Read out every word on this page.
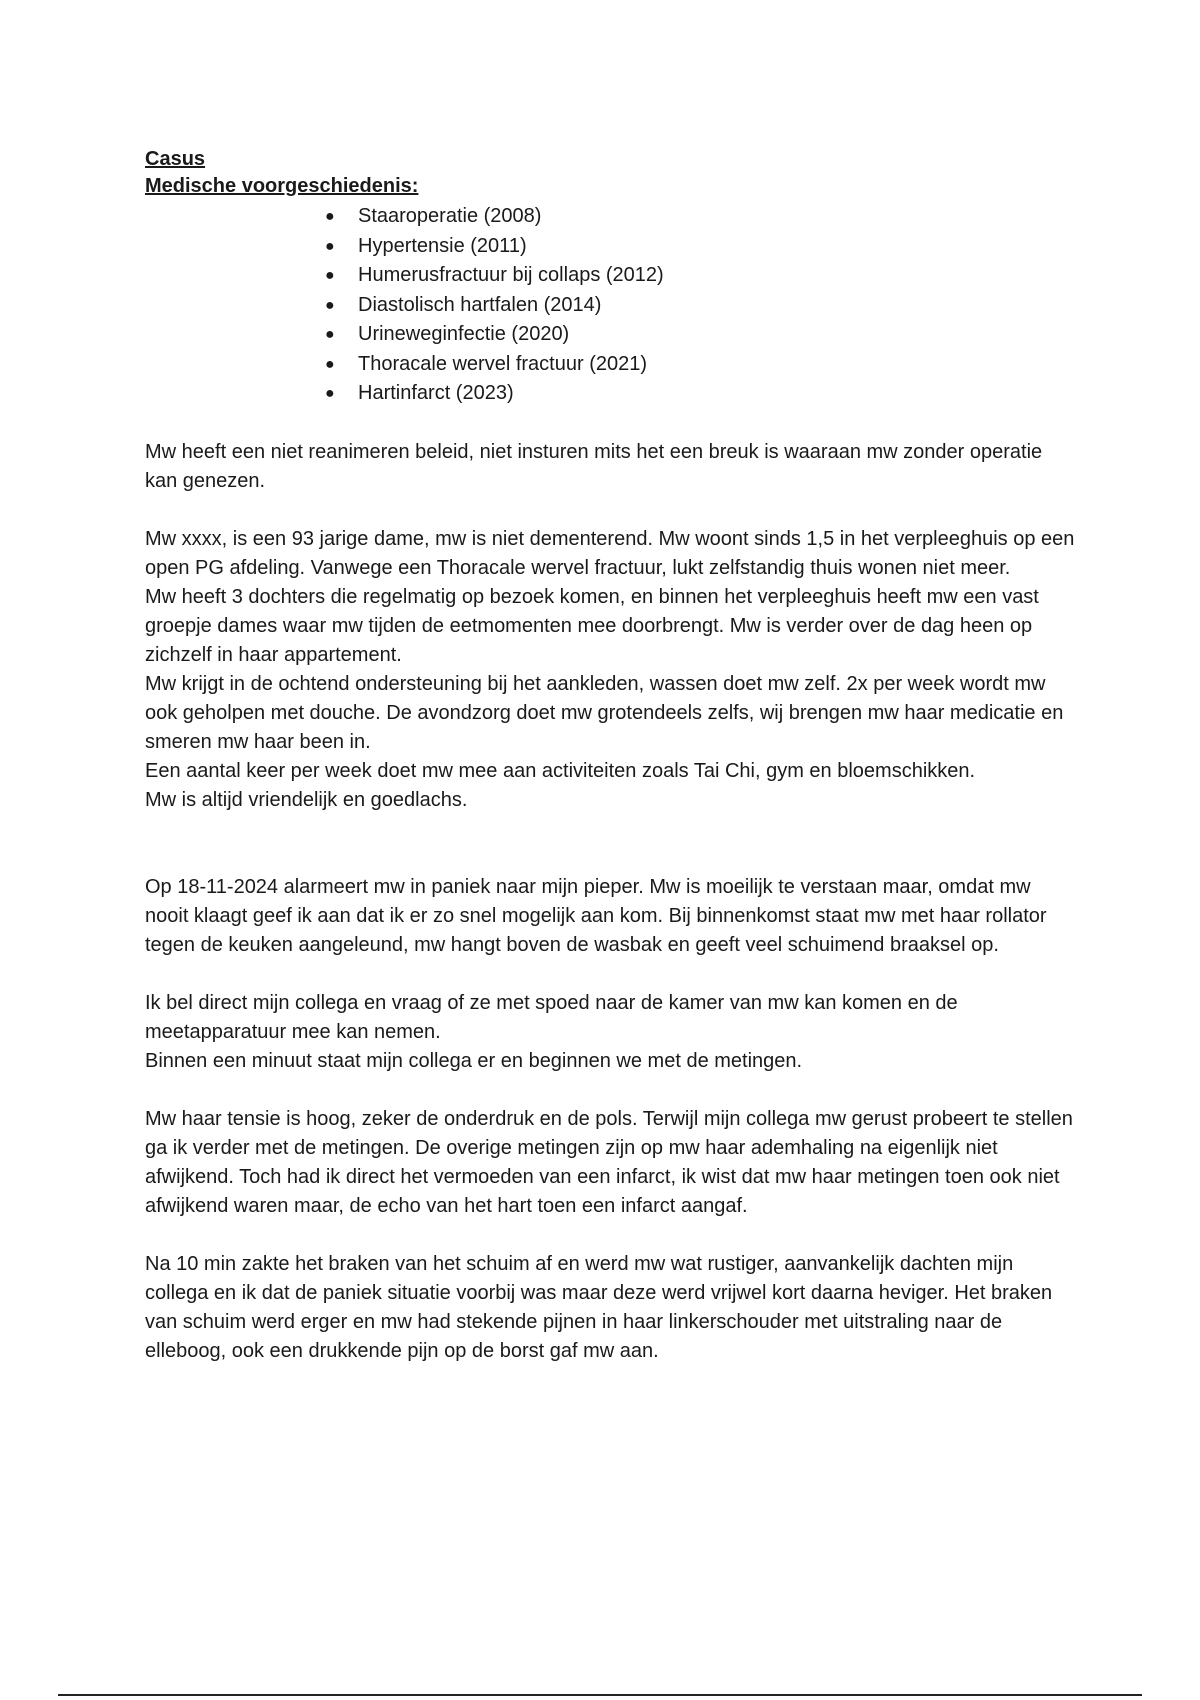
Casus

Medische voorgeschiedenis:

● Staaroperatie (2008)
● Hypertensie (2011)
● Humerusfractuur bij collaps (2012)
● Diastolisch hartfalen (2014)
● Urineweginfectie (2020)
● Thoracale wervel fractuur (2021)
● Hartinfarct (2023)

Mw heeft een niet reanimeren beleid, niet insturen mits het een breuk is waaraan mw zonder operatie kan genezen.

Mw xxxx, is een 93 jarige dame, mw is niet dementerend. Mw woont sinds 1,5 in het verpleeghuis op een open PG afdeling. Vanwege een Thoracale wervel fractuur, lukt zelfstandig thuis wonen niet meer.

Mw heeft 3 dochters die regelmatig op bezoek komen, en binnen het verpleeghuis heeft mw een vast groepje dames waar mw tijden de eetmomenten mee doorbrengt. Mw is verder over de dag heen op zichzelf in haar appartement.

Mw krijgt in de ochtend ondersteuning bij het aankleden, wassen doet mw zelf. 2x per week wordt mw ook geholpen met douche. De avondzorg doet mw grotendeels zelfs, wij brengen mw haar medicatie en smeren mw haar been in.

Een aantal keer per week doet mw mee aan activiteiten zoals Tai Chi, gym en bloemschikken.

Mw is altijd vriendelijk en goedlachs.

Op 18-11-2024 alarmeert mw in paniek naar mijn pieper. Mw is moeilijk te verstaan maar, omdat mw nooit klaagt geef ik aan dat ik er zo snel mogelijk aan kom. Bij binnenkomst staat mw met haar rollator tegen de keuken aangeleund, mw hangt boven de wasbak en geeft veel schuimend braaksel op.

Ik bel direct mijn collega en vraag of ze met spoed naar de kamer van mw kan komen en de meetapparatuur mee kan nemen.

Binnen een minuut staat mijn collega er en beginnen we met de metingen.

Mw haar tensie is hoog, zeker de onderdruk en de pols. Terwijl mijn collega mw gerust probeert te stellen ga ik verder met de metingen. De overige metingen zijn op mw haar ademhaling na eigenlijk niet afwijkend. Toch had ik direct het vermoeden van een infarct, ik wist dat mw haar metingen toen ook niet afwijkend waren maar, de echo van het hart toen een infarct aangaf.

Na 10 min zakte het braken van het schuim af en werd mw wat rustiger, aanvankelijk dachten mijn collega en ik dat de paniek situatie voorbij was maar deze werd vrijwel kort daarna heviger. Het braken van schuim werd erger en mw had stekende pijnen in haar linkerschouder met uitstraling naar de elleboog, ook een drukkende pijn op de borst gaf mw aan.
